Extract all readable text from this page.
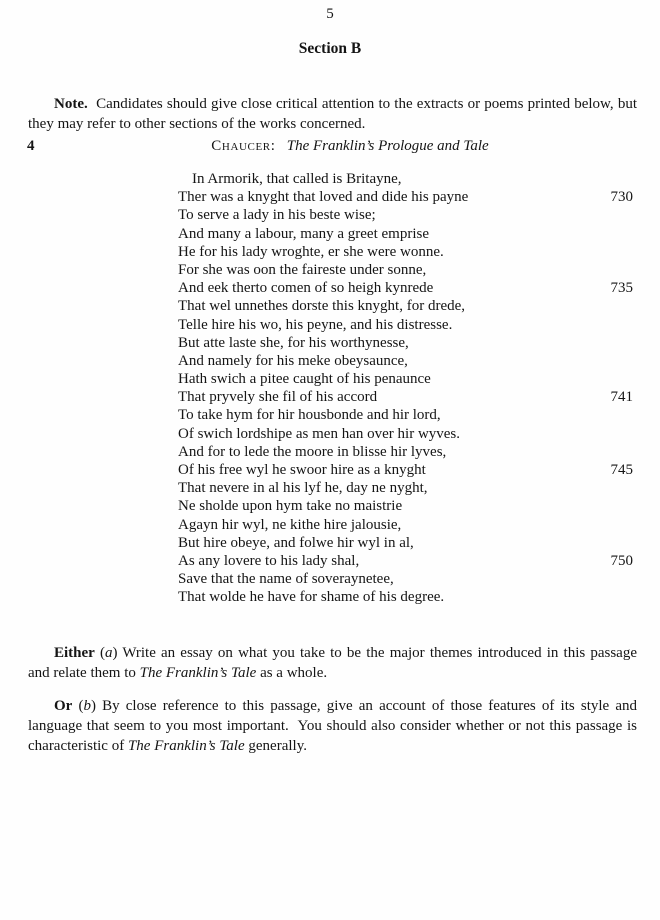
5
Section B

Note.  Candidates should give close critical attention to the extracts or poems printed below, but they may refer to other sections of the works concerned.

4	Chaucer: The Franklin’s Prologue and Tale
In Armorik, that called is Britayne,
Ther was a knyght that loved and dide his payne	730
To serve a lady in his beste wise;
And many a labour, many a greet emprise
He for his lady wroghte, er she were wonne.
For she was oon the faireste under sonne,
And eek therto comen of so heigh kynrede	735
That wel unnethes dorste this knyght, for drede,
Telle hire his wo, his peyne, and his distresse.
But atte laste she, for his worthynesse,
And namely for his meke obeysaunce,
Hath swich a pitee caught of his penaunce
That pryvely she fil of his accord	741
To take hym for hir housbonde and hir lord,
Of swich lordshipe as men han over hir wyves.
And for to lede the moore in blisse hir lyves,
Of his free wyl he swoor hire as a knyght	745
That nevere in al his lyf he, day ne nyght,
Ne sholde upon hym take no maistrie
Agayn hir wyl, ne kithe hire jalousie,
But hire obeye, and folwe hir wyl in al,
As any lovere to his lady shal,	750
Save that the name of soveraynetee,
That wolde he have for shame of his degree.

Either (a) Write an essay on what you take to be the major themes introduced in this passage and relate them to The Franklin’s Tale as a whole.

Or (b) By close reference to this passage, give an account of those features of its style and language that seem to you most important.  You should also consider whether or not this passage is characteristic of The Franklin’s Tale generally.
